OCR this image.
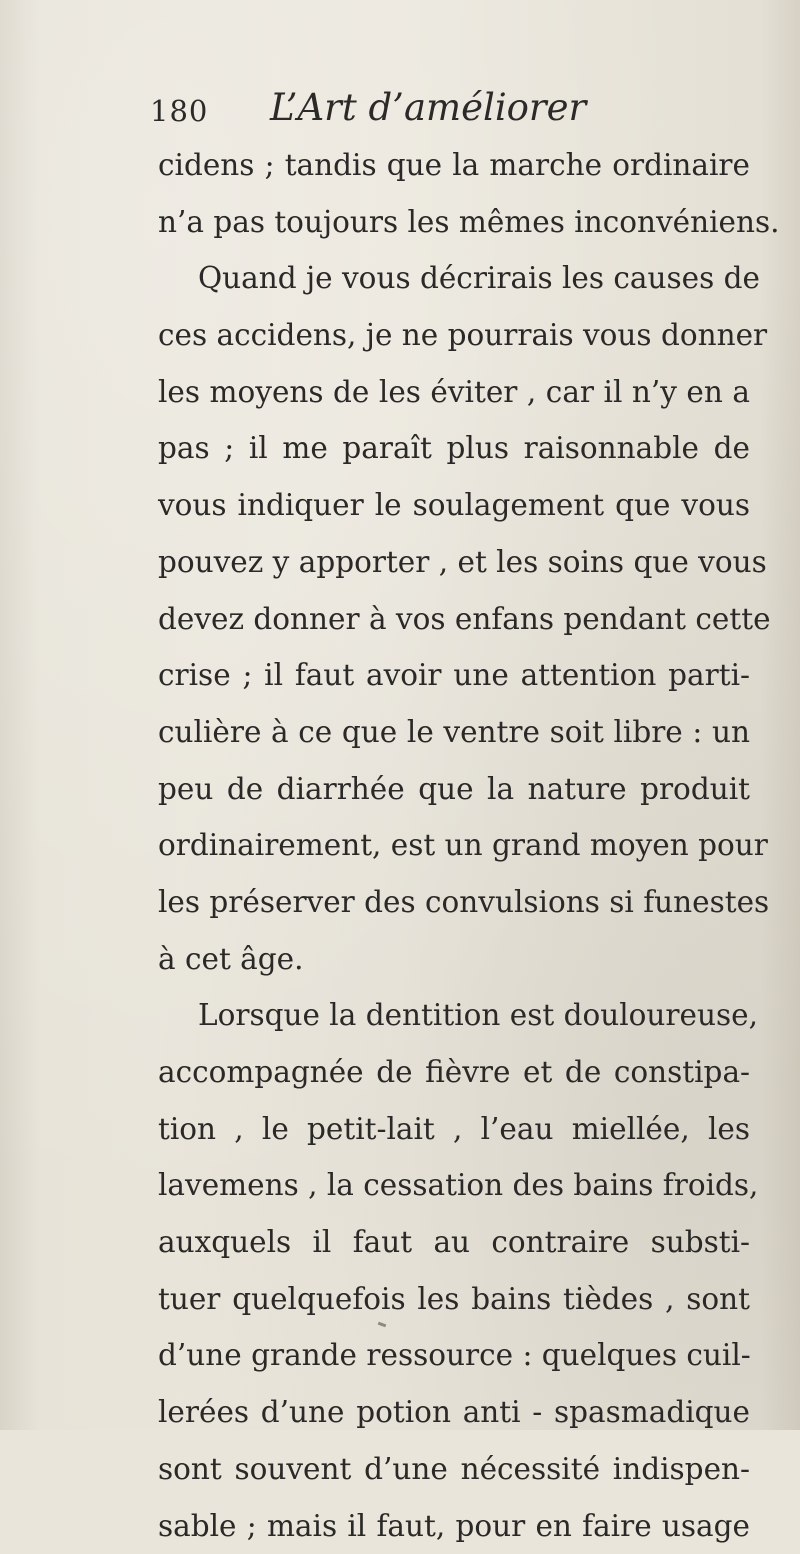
180 L’Art d’améliorer
cidens ; tandis que la marche ordinaire
n’a pas toujours les mêmes inconvéniens.
Quand je vous décrirais les causes de
ces accidens, je ne pourrais vous donner
les moyens de les éviter , car il n’y en a
pas ; il me paraît plus raisonnable de
vous indiquer le soulagement que vous
pouvez y apporter , et les soins que vous
devez donner à vos enfans pendant cette
crise ; il faut avoir une attention parti-
culière à ce que le ventre soit libre : un
peu de diarrhée que la nature produit
ordinairement, est un grand moyen pour
les préserver des convulsions si funestes
à cet âge.
Lorsque la dentition est douloureuse,
accompagnée de fièvre et de constipa-
tion , le petit-lait , l’eau miellée, les
lavemens , la cessation des bains froids,
auxquels il faut au contraire substi-
tuer quelquefois les bains tièdes , sont
d’une grande ressource : quelques cuil-
lerées d’une potion anti - spasmadique
sont souvent d’une nécessité indispen-
sable ; mais il faut, pour en faire usage
